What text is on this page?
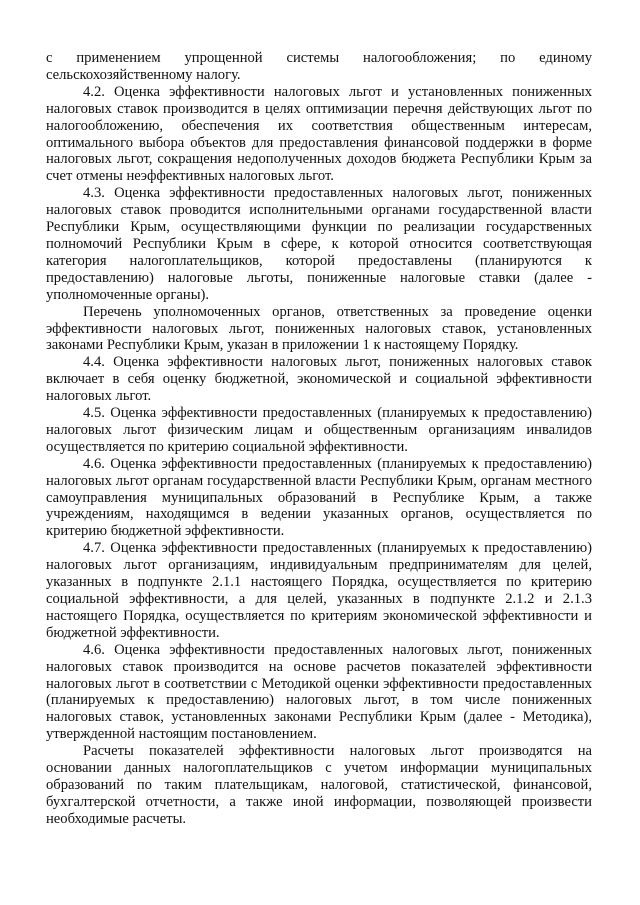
с применением упрощенной системы налогообложения; по единому сельскохозяйственному налогу.

4.2. Оценка эффективности налоговых льгот и установленных пониженных налоговых ставок производится в целях оптимизации перечня действующих льгот по налогообложению, обеспечения их соответствия общественным интересам, оптимального выбора объектов для предоставления финансовой поддержки в форме налоговых льгот, сокращения недополученных доходов бюджета Республики Крым за счет отмены неэффективных налоговых льгот.

4.3. Оценка эффективности предоставленных налоговых льгот, пониженных налоговых ставок проводится исполнительными органами государственной власти Республики Крым, осуществляющими функции по реализации государственных полномочий Республики Крым в сфере, к которой относится соответствующая категория налогоплательщиков, которой предоставлены (планируются к предоставлению) налоговые льготы, пониженные налоговые ставки (далее - уполномоченные органы).

Перечень уполномоченных органов, ответственных за проведение оценки эффективности налоговых льгот, пониженных налоговых ставок, установленных законами Республики Крым, указан в приложении 1 к настоящему Порядку.

4.4. Оценка эффективности налоговых льгот, пониженных налоговых ставок включает в себя оценку бюджетной, экономической и социальной эффективности налоговых льгот.

4.5. Оценка эффективности предоставленных (планируемых к предоставлению) налоговых льгот физическим лицам и общественным организациям инвалидов осуществляется по критерию социальной эффективности.

4.6. Оценка эффективности предоставленных (планируемых к предоставлению) налоговых льгот органам государственной власти Республики Крым, органам местного самоуправления муниципальных образований в Республике Крым, а также учреждениям, находящимся в ведении указанных органов, осуществляется по критерию бюджетной эффективности.

4.7. Оценка эффективности предоставленных (планируемых к предоставлению) налоговых льгот организациям, индивидуальным предпринимателям для целей, указанных в подпункте 2.1.1 настоящего Порядка, осуществляется по критерию социальной эффективности, а для целей, указанных в подпункте 2.1.2 и 2.1.3 настоящего Порядка, осуществляется по критериям экономической эффективности и бюджетной эффективности.

4.6. Оценка эффективности предоставленных налоговых льгот, пониженных налоговых ставок производится на основе расчетов показателей эффективности налоговых льгот в соответствии с Методикой оценки эффективности предоставленных (планируемых к предоставлению) налоговых льгот, в том числе пониженных налоговых ставок, установленных законами Республики Крым (далее - Методика), утвержденной настоящим постановлением.

Расчеты показателей эффективности налоговых льгот производятся на основании данных налогоплательщиков с учетом информации муниципальных образований по таким плательщикам, налоговой, статистической, финансовой, бухгалтерской отчетности, а также иной информации, позволяющей произвести необходимые расчеты.
